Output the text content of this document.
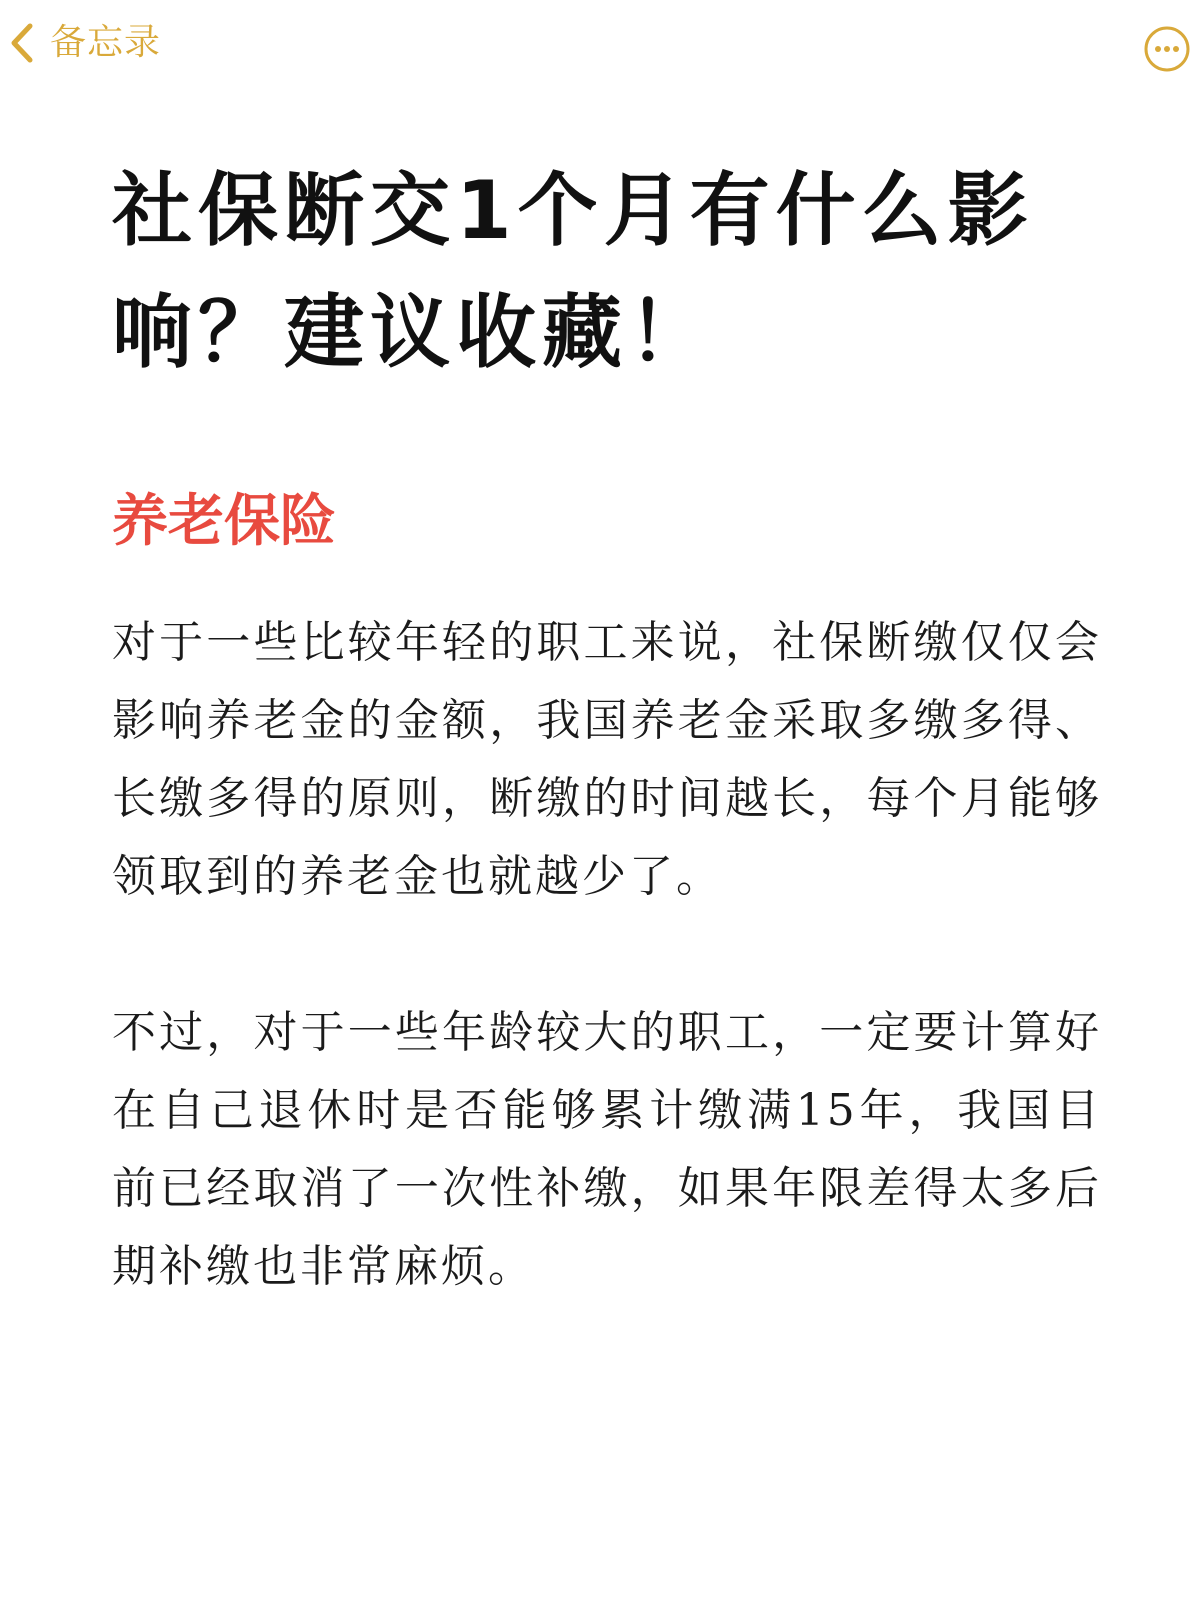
备忘录
社保断交1个月有什么影响？建议收藏！
养老保险

对于一些比较年轻的职工来说，社保断缴仅仅会影响养老金的金额，我国养老金采取多缴多得、长缴多得的原则，断缴的时间越长，每个月能够领取到的养老金也就越少了。

不过，对于一些年龄较大的职工，一定要计算好在自己退休时是否能够累计缴满15年，我国目前已经取消了一次性补缴，如果年限差得太多后期补缴也非常麻烦。
